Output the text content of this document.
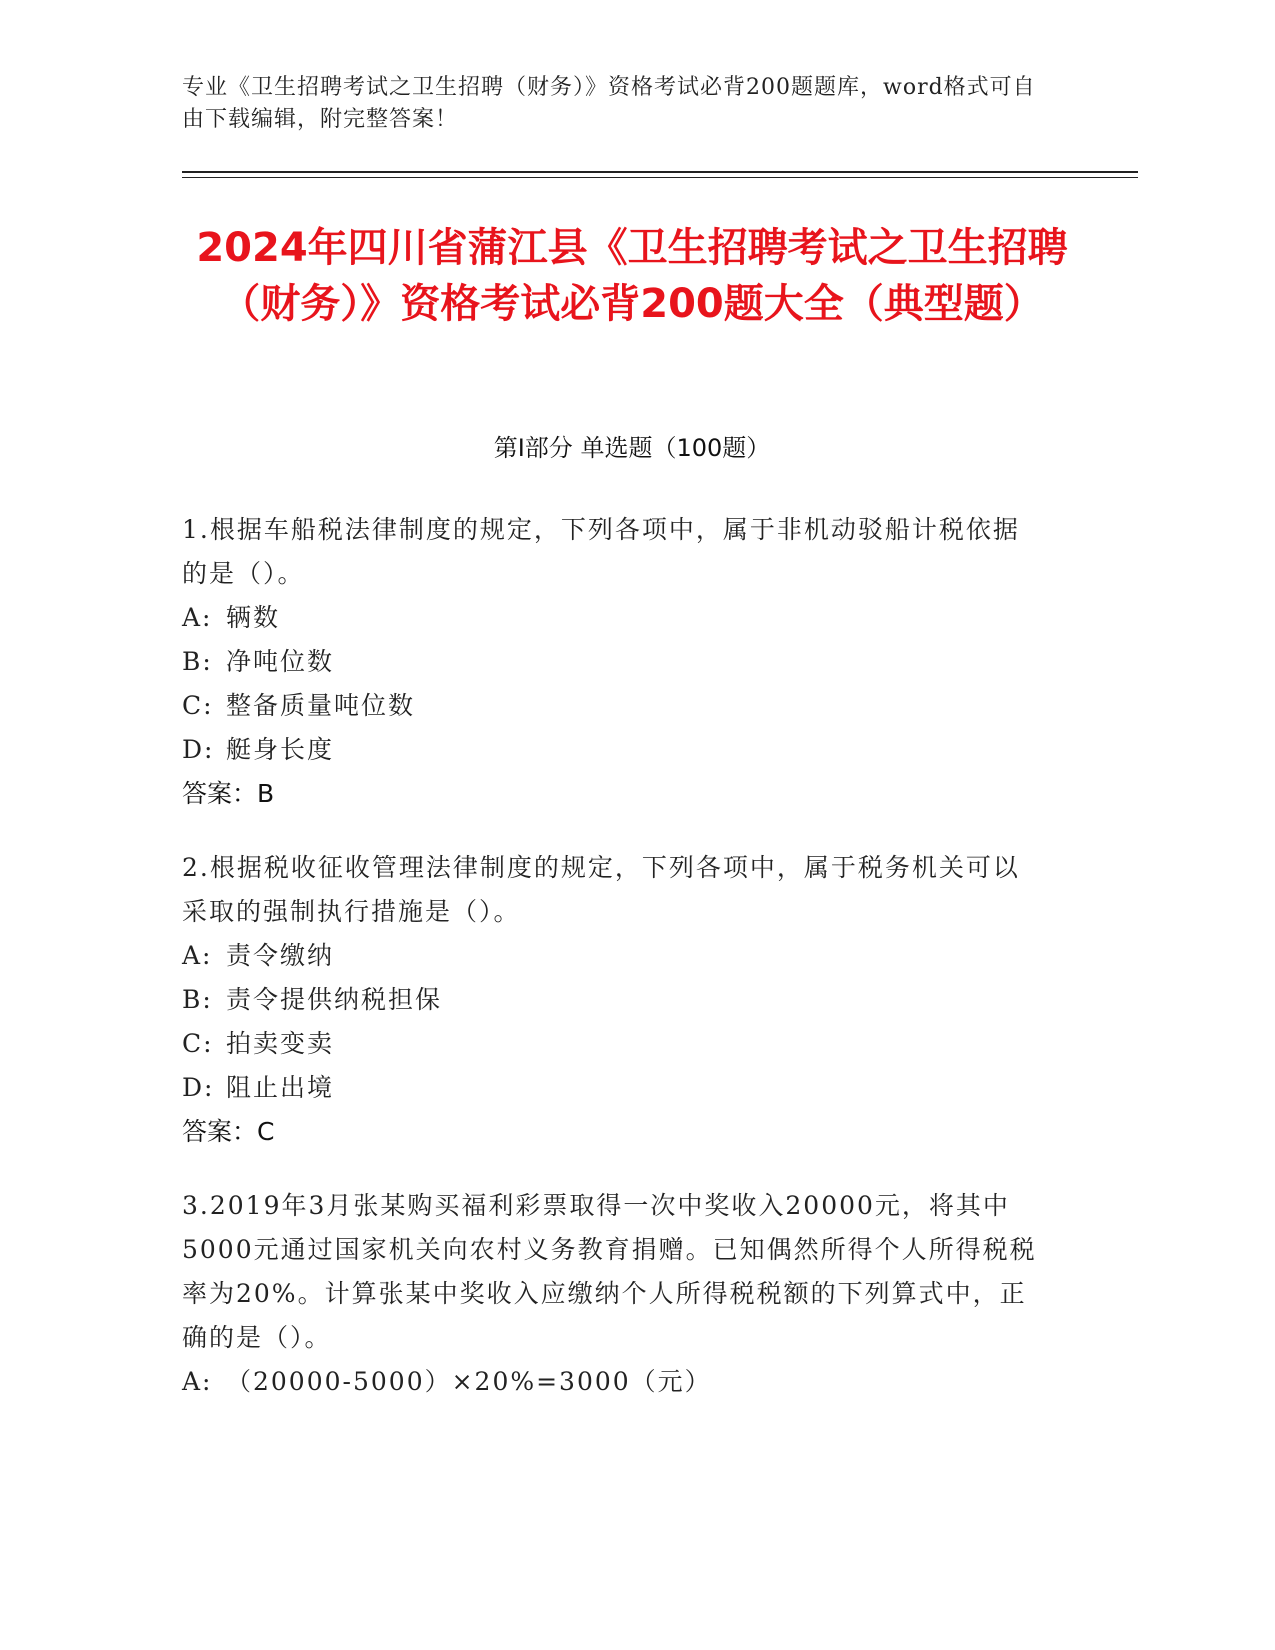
专业《卫生招聘考试之卫生招聘（财务）》资格考试必背200题题库，word格式可自由下载编辑，附完整答案！
2024年四川省蒲江县《卫生招聘考试之卫生招聘（财务）》资格考试必背200题大全（典型题）
第I部分 单选题（100题）
1.根据车船税法律制度的规定，下列各项中，属于非机动驳船计税依据的是（）。
A: 辆数
B: 净吨位数
C: 整备质量吨位数
D: 艇身长度
答案：B
2.根据税收征收管理法律制度的规定，下列各项中，属于税务机关可以采取的强制执行措施是（）。
A: 责令缴纳
B: 责令提供纳税担保
C: 拍卖变卖
D: 阻止出境
答案：C
3.2019年3月张某购买福利彩票取得一次中奖收入20000元，将其中5000元通过国家机关向农村义务教育捐赠。已知偶然所得个人所得税税率为20%。计算张某中奖收入应缴纳个人所得税税额的下列算式中，正确的是（）。
A: （20000-5000）×20%=3000（元）
